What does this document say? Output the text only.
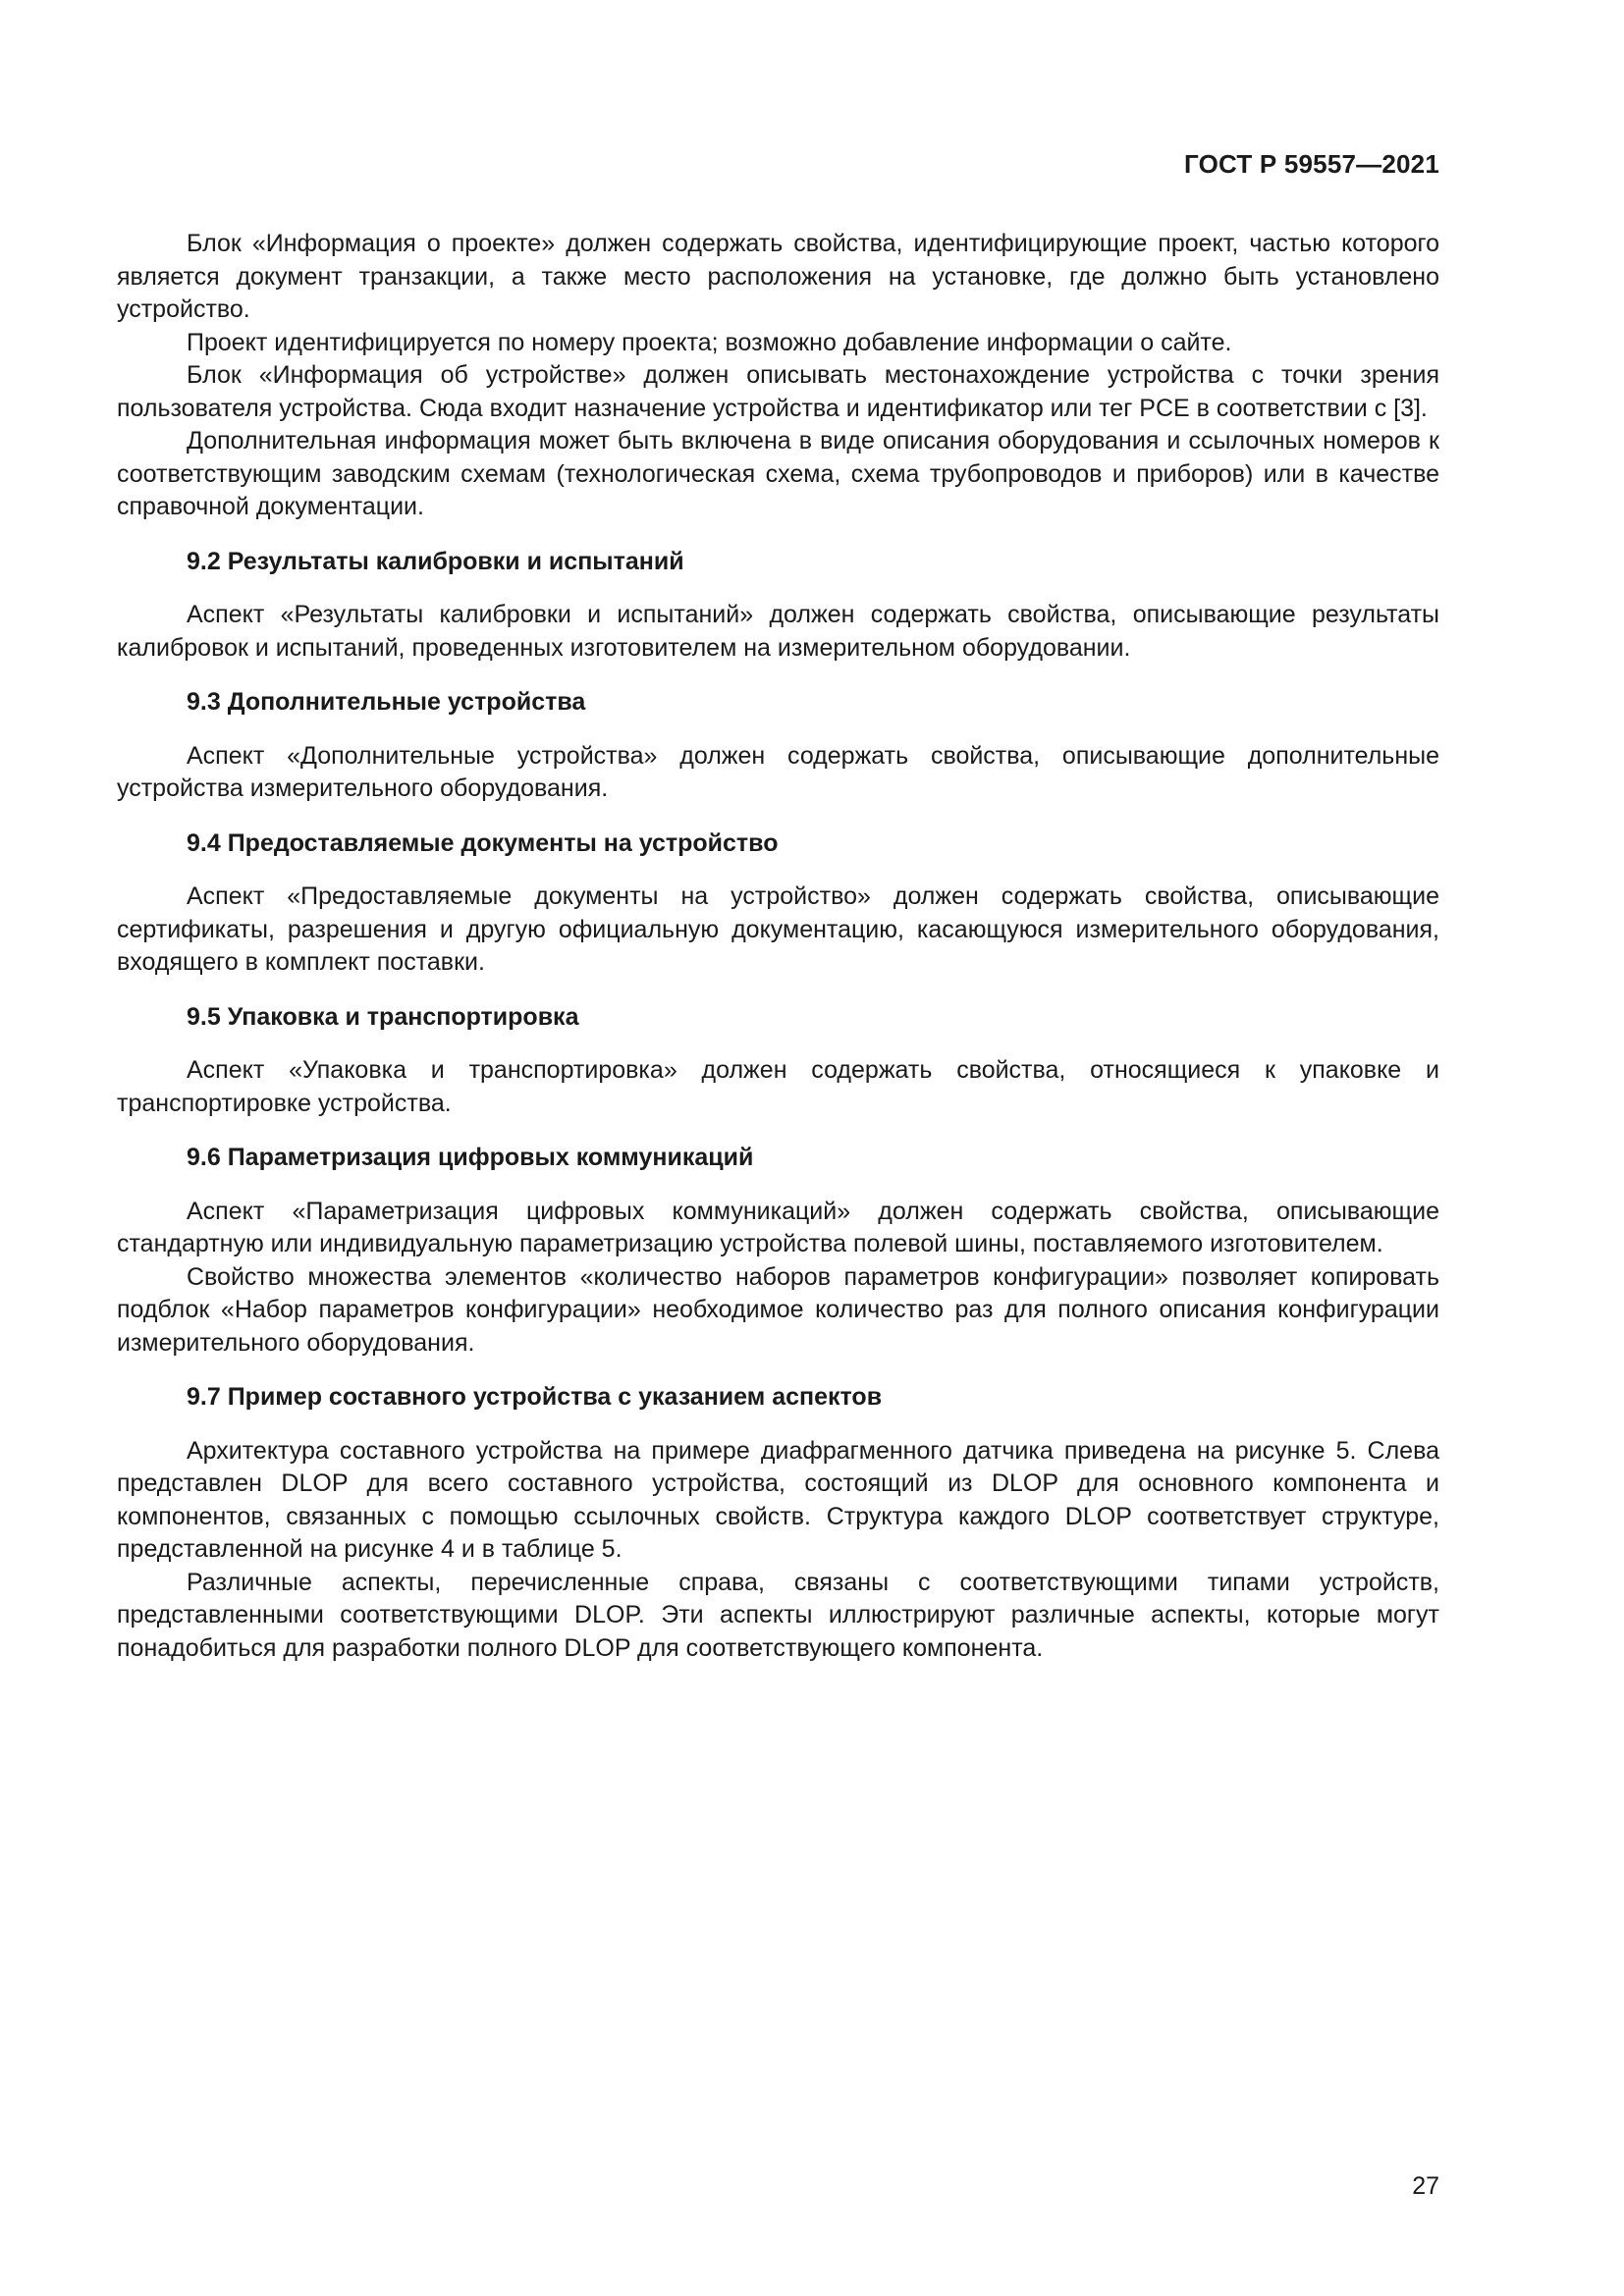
ГОСТ Р 59557—2021

Блок «Информация о проекте» должен содержать свойства, идентифицирующие проект, частью которого является документ транзакции, а также место расположения на установке, где должно быть установлено устройство.

Проект идентифицируется по номеру проекта; возможно добавление информации о сайте.

Блок «Информация об устройстве» должен описывать местонахождение устройства с точки зрения пользователя устройства. Сюда входит назначение устройства и идентификатор или тег PCE в соответствии с [3].

Дополнительная информация может быть включена в виде описания оборудования и ссылочных номеров к соответствующим заводским схемам (технологическая схема, схема трубопроводов и приборов) или в качестве справочной документации.

9.2 Результаты калибровки и испытаний

Аспект «Результаты калибровки и испытаний» должен содержать свойства, описывающие результаты калибровок и испытаний, проведенных изготовителем на измерительном оборудовании.

9.3 Дополнительные устройства

Аспект «Дополнительные устройства» должен содержать свойства, описывающие дополнительные устройства измерительного оборудования.

9.4 Предоставляемые документы на устройство

Аспект «Предоставляемые документы на устройство» должен содержать свойства, описывающие сертификаты, разрешения и другую официальную документацию, касающуюся измерительного оборудования, входящего в комплект поставки.

9.5 Упаковка и транспортировка

Аспект «Упаковка и транспортировка» должен содержать свойства, относящиеся к упаковке и транспортировке устройства.

9.6 Параметризация цифровых коммуникаций

Аспект «Параметризация цифровых коммуникаций» должен содержать свойства, описывающие стандартную или индивидуальную параметризацию устройства полевой шины, поставляемого изготовителем.

Свойство множества элементов «количество наборов параметров конфигурации» позволяет копировать подблок «Набор параметров конфигурации» необходимое количество раз для полного описания конфигурации измерительного оборудования.

9.7 Пример составного устройства с указанием аспектов

Архитектура составного устройства на примере диафрагменного датчика приведена на рисунке 5. Слева представлен DLOP для всего составного устройства, состоящий из DLOP для основного компонента и компонентов, связанных с помощью ссылочных свойств. Структура каждого DLOP соответствует структуре, представленной на рисунке 4 и в таблице 5.

Различные аспекты, перечисленные справа, связаны с соответствующими типами устройств, представленными соответствующими DLOP. Эти аспекты иллюстрируют различные аспекты, которые могут понадобиться для разработки полного DLOP для соответствующего компонента.

27
